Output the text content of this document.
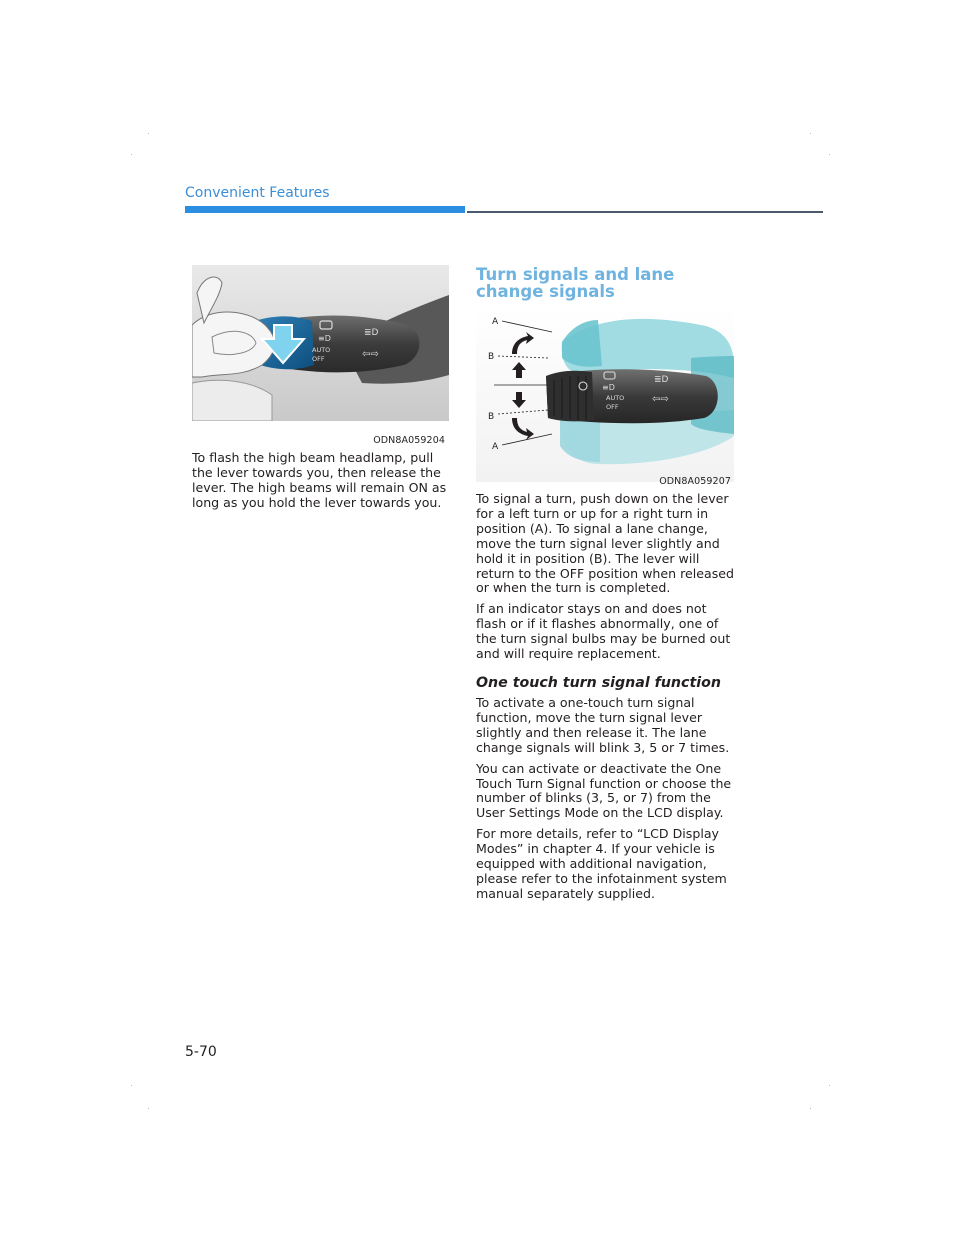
Convenient Features
≡D
AUTO
OFF
≣D
⇦⇨
ODN8A059204

To flash the high beam headlamp, pull the lever towards you, then release the lever. The high beams will remain ON as long as you hold the lever towards you.

Turn signals and lane change signals
≡D
AUTO
OFF
≣D
⇦⇨
A
B
B
A
ODN8A059207

To signal a turn, push down on the lever for a left turn or up for a right turn in position (A). To signal a lane change, move the turn signal lever slightly and hold it in position (B). The lever will return to the OFF position when released or when the turn is completed.

If an indicator stays on and does not flash or if it flashes abnormally, one of the turn signal bulbs may be burned out and will require replacement.

One touch turn signal function

To activate a one-touch turn signal function, move the turn signal lever slightly and then release it. The lane change signals will blink 3, 5 or 7 times.

You can activate or deactivate the One Touch Turn Signal function or choose the number of blinks (3, 5, or 7) from the User Settings Mode on the LCD display.

For more details, refer to “LCD Display Modes” in chapter 4. If your vehicle is equipped with additional navigation, please refer to the infotainment system manual separately supplied.

5-70
